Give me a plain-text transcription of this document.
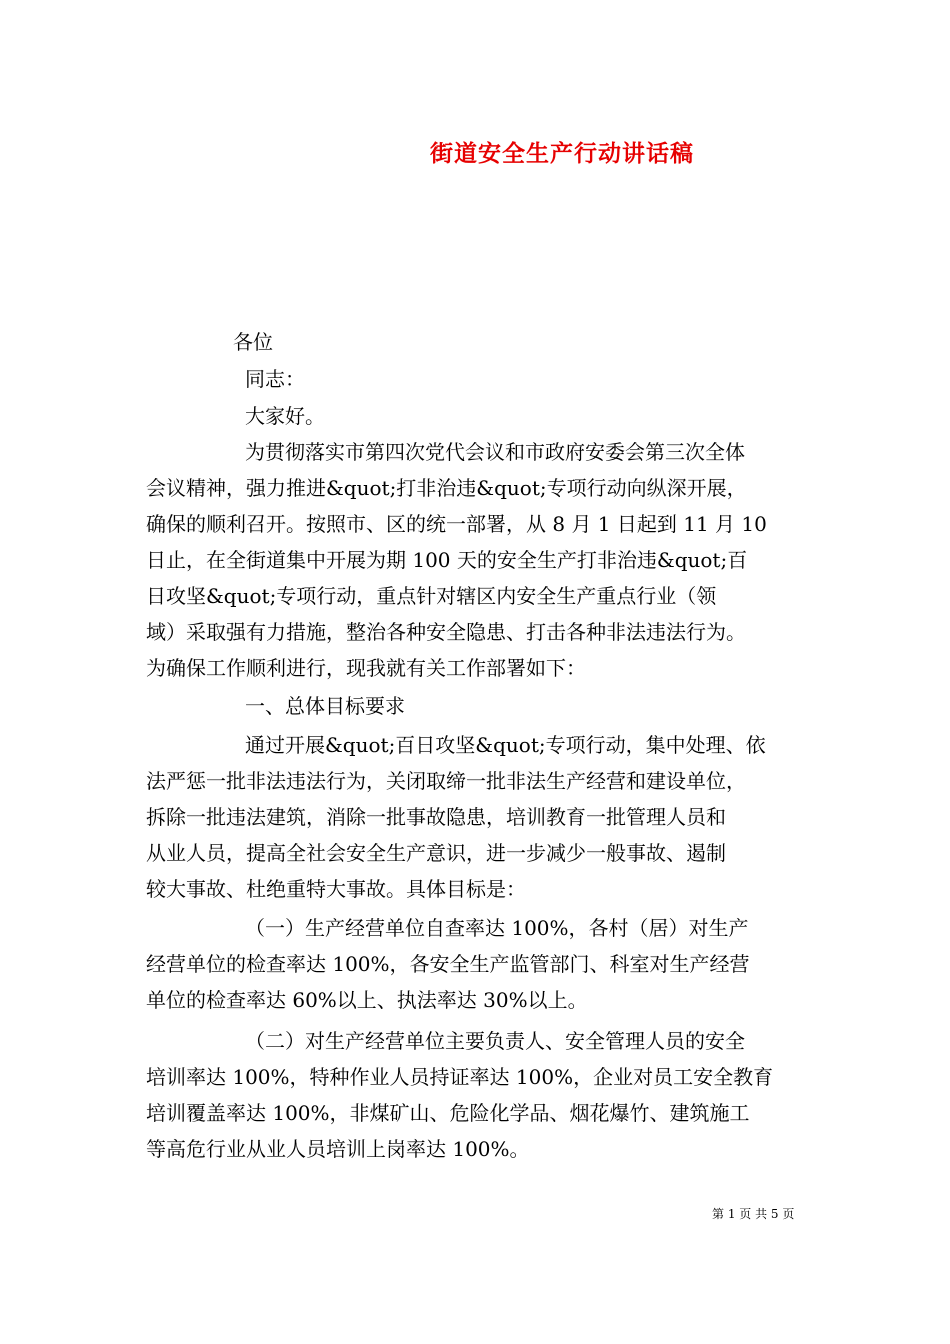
街道安全生产行动讲话稿
各位
同志：
大家好。
为贯彻落实市第四次党代会议和市政府安委会第三次全体
会议精神，强力推进&quot;打非治违&quot;专项行动向纵深开展，
确保的顺利召开。按照市、区的统一部署，从 8 月 1 日起到 11 月 10
日止，在全街道集中开展为期 100 天的安全生产打非治违&quot;百
日攻坚&quot;专项行动，重点针对辖区内安全生产重点行业（领
域）采取强有力措施，整治各种安全隐患、打击各种非法违法行为。
为确保工作顺利进行，现我就有关工作部署如下：
一、总体目标要求
通过开展&quot;百日攻坚&quot;专项行动，集中处理、依
法严惩一批非法违法行为，关闭取缔一批非法生产经营和建设单位，
拆除一批违法建筑，消除一批事故隐患，培训教育一批管理人员和
从业人员，提高全社会安全生产意识，进一步减少一般事故、遏制
较大事故、杜绝重特大事故。具体目标是：
（一）生产经营单位自查率达 100%，各村（居）对生产
经营单位的检查率达 100%，各安全生产监管部门、科室对生产经营
单位的检查率达 60%以上、执法率达 30%以上。
（二）对生产经营单位主要负责人、安全管理人员的安全
培训率达 100%，特种作业人员持证率达 100%，企业对员工安全教育
培训覆盖率达 100%，非煤矿山、危险化学品、烟花爆竹、建筑施工
等高危行业从业人员培训上岗率达 100%。
第 1 页 共 5 页
